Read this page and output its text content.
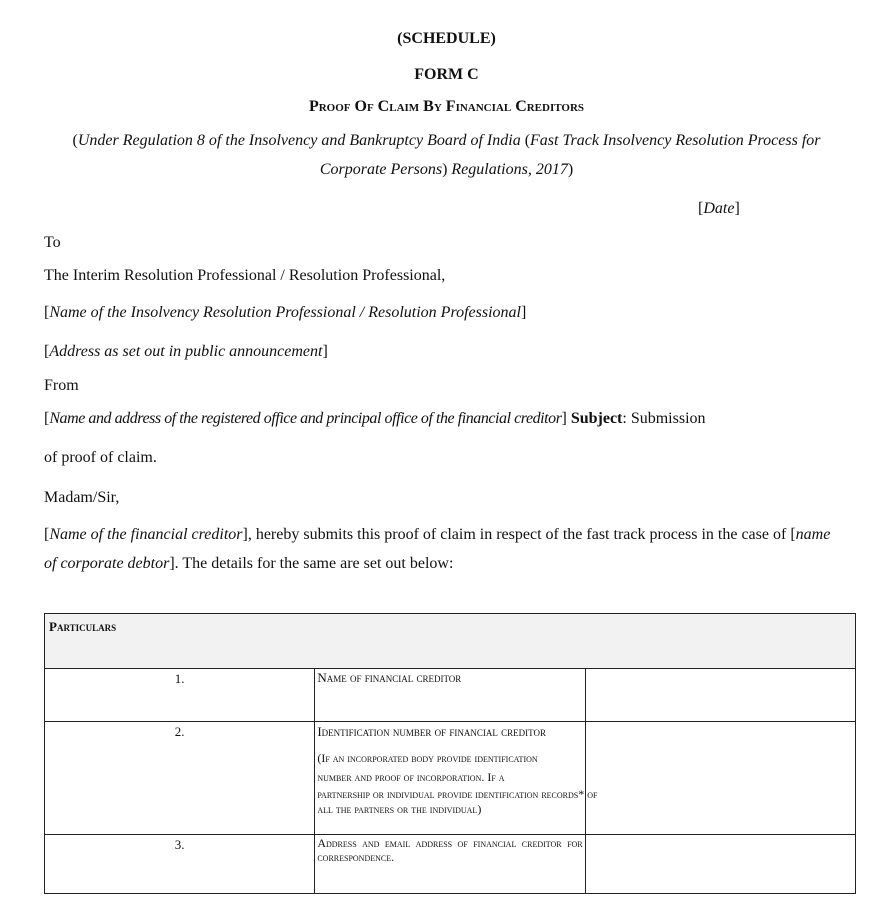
(SCHEDULE)
FORM C
Proof Of Claim By Financial Creditors
(Under Regulation 8 of the Insolvency and Bankruptcy Board of India (Fast Track Insolvency Resolution Process for
Corporate Persons) Regulations, 2017)
[Date]
To
The Interim Resolution Professional / Resolution Professional,
[Name of the Insolvency Resolution Professional / Resolution Professional]
[Address as set out in public announcement]
From
[Name and address of the registered office and principal office of the financial creditor] Subject: Submission
of proof of claim.
Madam/Sir,
[Name of the financial creditor], hereby submits this proof of claim in respect of the fast track process in the case of [name
of corporate debtor]. The details for the same are set out below:
Particulars		
1.	Name of financial creditor	

2.	Identification number of financial creditor
(If an incorporated body provide identification
number and proof of incorporation. If a
partnership or individual provide identification records* of
all the partners or the individual)	

3.	Address and email address of financial creditor for
correspondence.	
